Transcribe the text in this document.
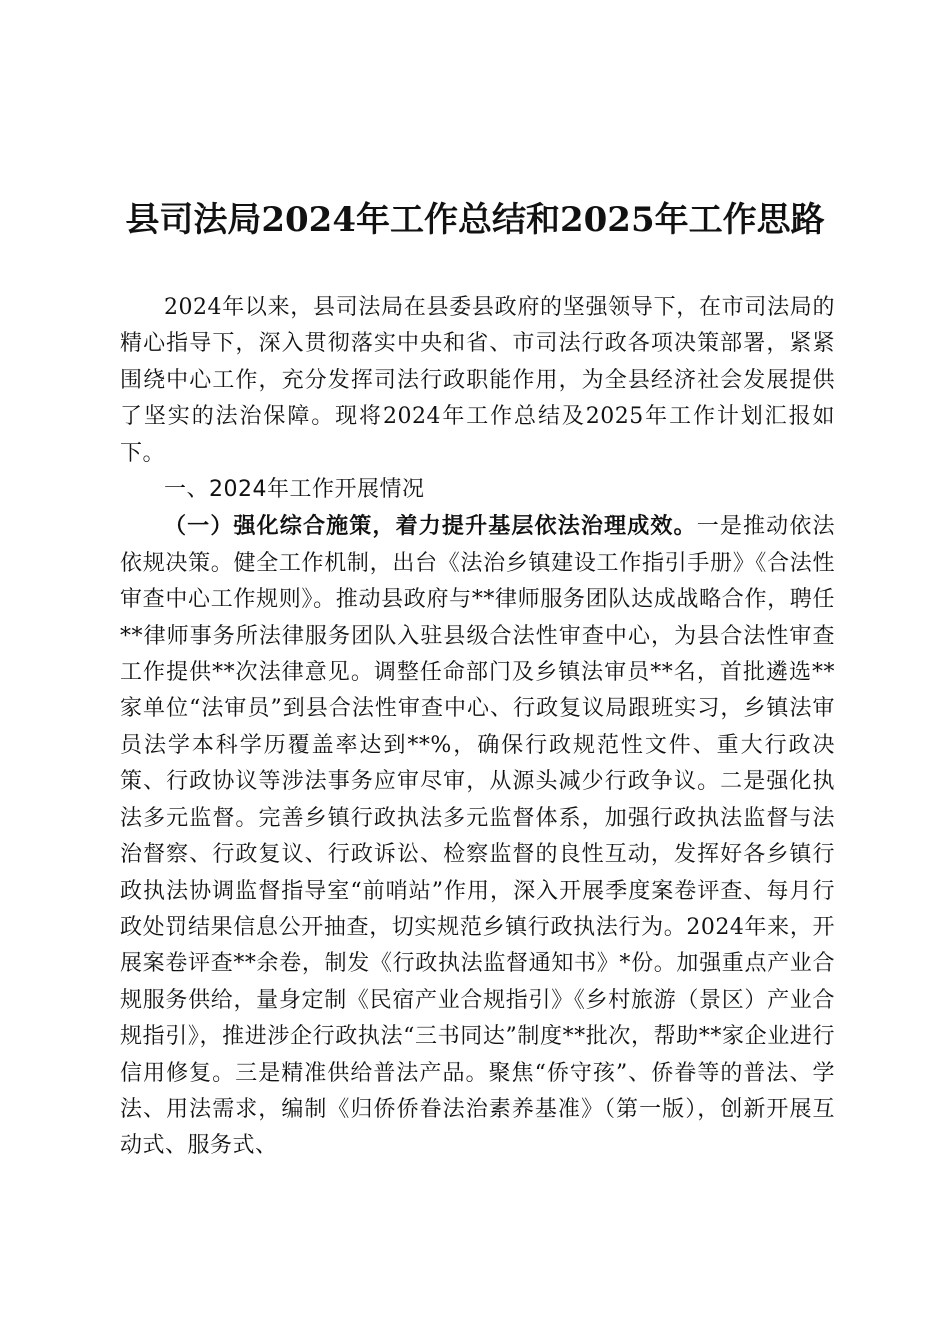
县司法局2024年工作总结和2025年工作思路

2024年以来，县司法局在县委县政府的坚强领导下，在市司法局的精心指导下，深入贯彻落实中央和省、市司法行政各项决策部署，紧紧围绕中心工作，充分发挥司法行政职能作用，为全县经济社会发展提供了坚实的法治保障。现将2024年工作总结及2025年工作计划汇报如下。

一、2024年工作开展情况

（一）强化综合施策，着力提升基层依法治理成效。一是推动依法依规决策。健全工作机制，出台《法治乡镇建设工作指引手册》《合法性审查中心工作规则》。推动县政府与**律师服务团队达成战略合作，聘任**律师事务所法律服务团队入驻县级合法性审查中心，为县合法性审查工作提供**次法律意见。调整任命部门及乡镇法审员**名，首批遴选**家单位“法审员”到县合法性审查中心、行政复议局跟班实习，乡镇法审员法学本科学历覆盖率达到**%，确保行政规范性文件、重大行政决策、行政协议等涉法事务应审尽审，从源头减少行政争议。二是强化执法多元监督。完善乡镇行政执法多元监督体系，加强行政执法监督与法治督察、行政复议、行政诉讼、检察监督的良性互动，发挥好各乡镇行政执法协调监督指导室“前哨站”作用，深入开展季度案卷评查、每月行政处罚结果信息公开抽查，切实规范乡镇行政执法行为。2024年来，开展案卷评查**余卷，制发《行政执法监督通知书》*份。加强重点产业合规服务供给，量身定制《民宿产业合规指引》《乡村旅游（景区）产业合规指引》，推进涉企行政执法“三书同达”制度**批次，帮助**家企业进行信用修复。三是精准供给普法产品。聚焦“侨守孩”、侨眷等的普法、学法、用法需求，编制《归侨侨眷法治素养基准》（第一版），创新开展互动式、服务式、
